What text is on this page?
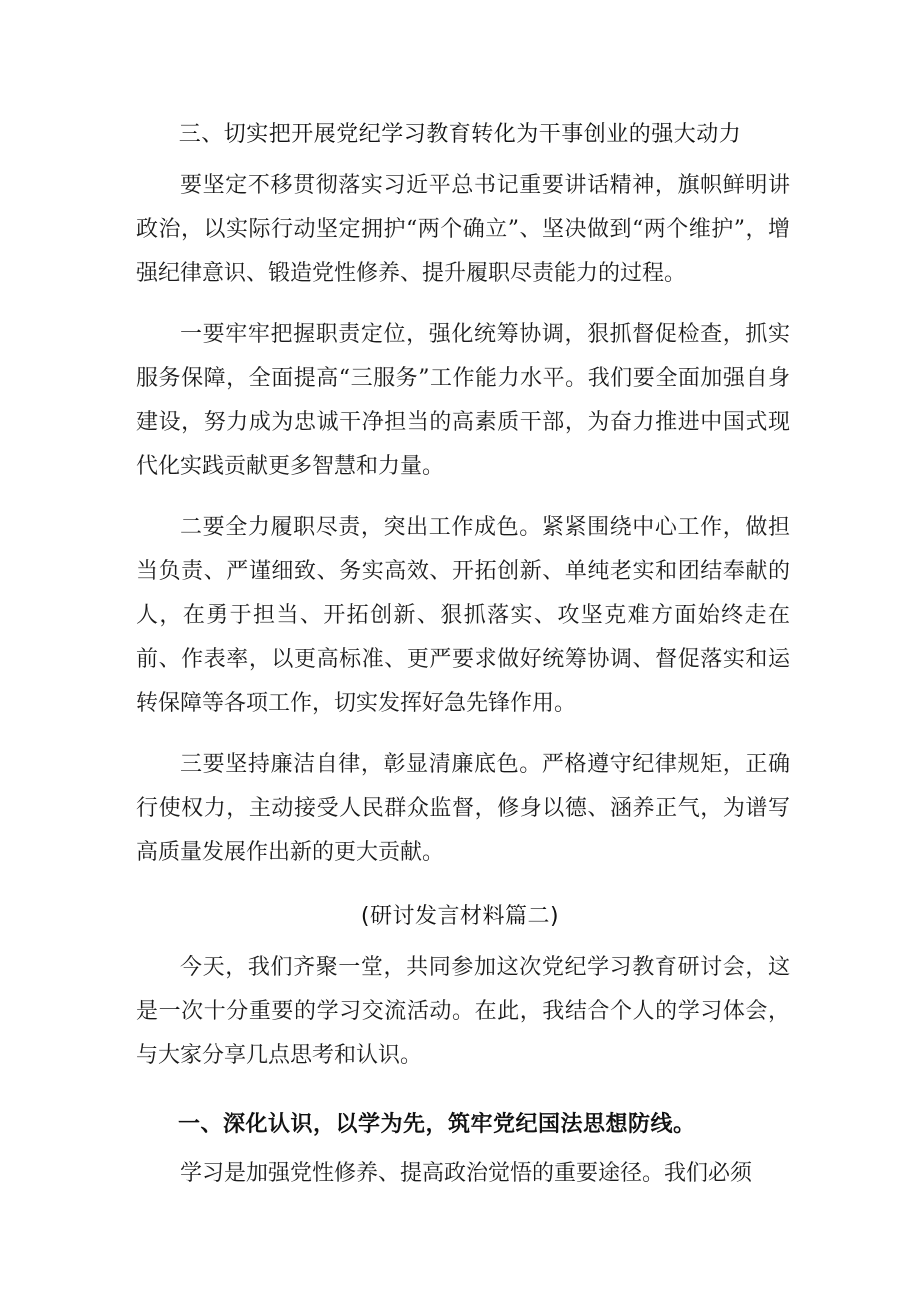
三、切实把开展党纪学习教育转化为干事创业的强大动力

要坚定不移贯彻落实习近平总书记重要讲话精神，旗帜鲜明讲政治，以实际行动坚定拥护“两个确立”、坚决做到“两个维护”，增强纪律意识、锻造党性修养、提升履职尽责能力的过程。

一要牢牢把握职责定位，强化统筹协调，狠抓督促检查，抓实服务保障，全面提高“三服务”工作能力水平。我们要全面加强自身建设，努力成为忠诚干净担当的高素质干部，为奋力推进中国式现代化实践贡献更多智慧和力量。

二要全力履职尽责，突出工作成色。紧紧围绕中心工作，做担当负责、严谨细致、务实高效、开拓创新、单纯老实和团结奉献的人，在勇于担当、开拓创新、狠抓落实、攻坚克难方面始终走在前、作表率，以更高标准、更严要求做好统筹协调、督促落实和运转保障等各项工作，切实发挥好急先锋作用。

三要坚持廉洁自律，彰显清廉底色。严格遵守纪律规矩，正确行使权力，主动接受人民群众监督，修身以德、涵养正气，为谱写高质量发展作出新的更大贡献。

(研讨发言材料篇二)

今天，我们齐聚一堂，共同参加这次党纪学习教育研讨会，这是一次十分重要的学习交流活动。在此，我结合个人的学习体会，与大家分享几点思考和认识。

一、深化认识，以学为先，筑牢党纪国法思想防线。

学习是加强党性修养、提高政治觉悟的重要途径。我们必须
